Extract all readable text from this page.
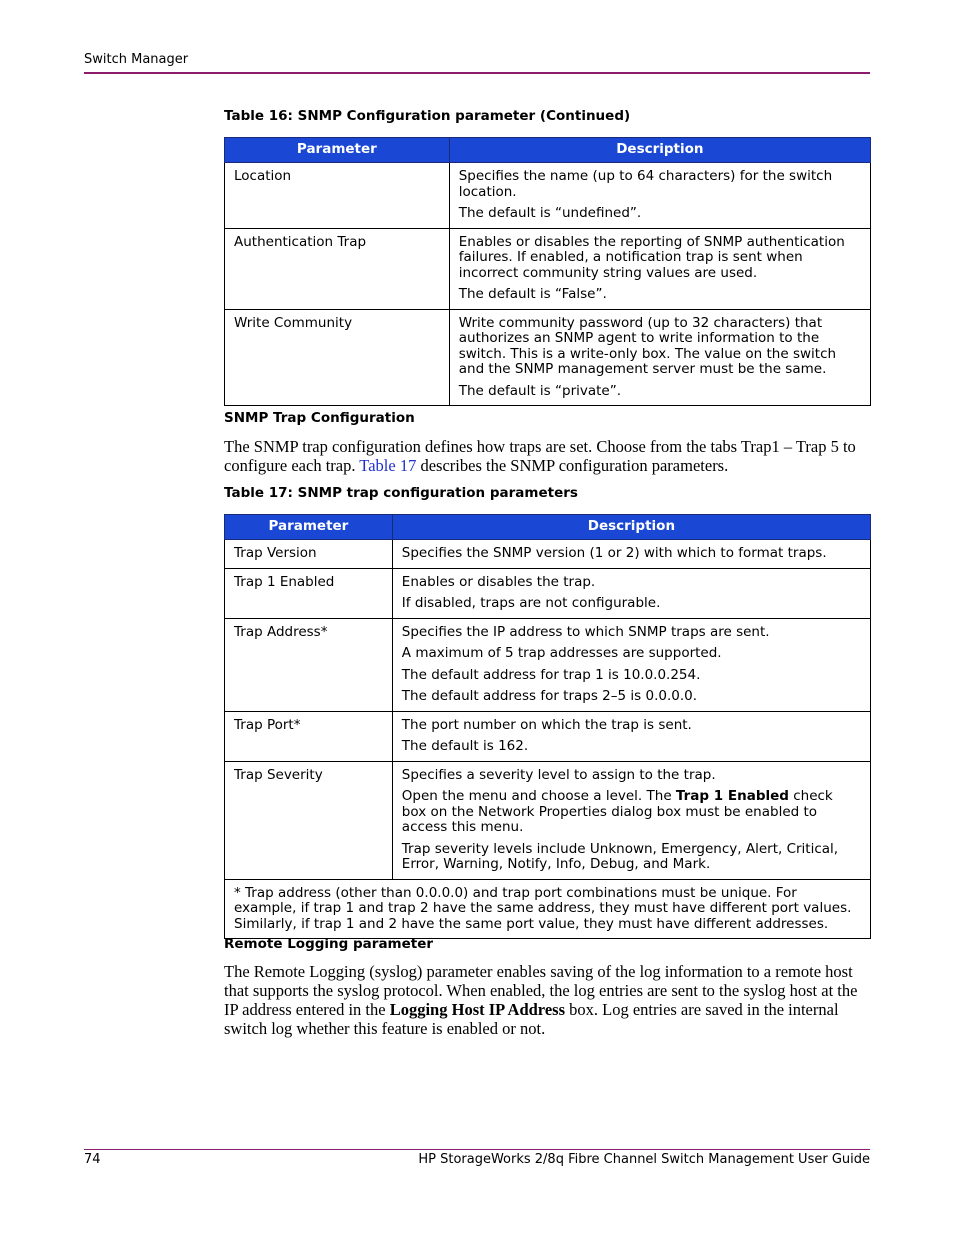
Switch Manager
Table 16: SNMP Configuration parameter (Continued)
Parameter	Description
Location	Specifies the name (up to 64 characters) for the switch location.

The default is “undefined”.

Authentication Trap	Enables or disables the reporting of SNMP authentication failures. If enabled, a notification trap is sent when incorrect community string values are used.

The default is “False”.

Write Community	Write community password (up to 32 characters) that authorizes an SNMP agent to write information to the switch. This is a write-only box. The value on the switch and the SNMP management server must be the same.

The default is “private”.

SNMP Trap Configuration
The SNMP trap configuration defines how traps are set. Choose from the tabs Trap1 – Trap 5 to configure each trap. Table 17 describes the SNMP configuration parameters.
Table 17: SNMP trap configuration parameters
Parameter	Description
Trap Version	Specifies the SNMP version (1 or 2) with which to format traps.

Trap 1 Enabled	Enables or disables the trap.

If disabled, traps are not configurable.

Trap Address*	Specifies the IP address to which SNMP traps are sent.

A maximum of 5 trap addresses are supported.

The default address for trap 1 is 10.0.0.254.

The default address for traps 2–5 is 0.0.0.0.

Trap Port*	The port number on which the trap is sent.

The default is 162.

Trap Severity	Specifies a severity level to assign to the trap.

Open the menu and choose a level. The Trap 1 Enabled check box on the Network Properties dialog box must be enabled to access this menu.

Trap severity levels include Unknown, Emergency, Alert, Critical, Error, Warning, Notify, Info, Debug, and Mark.

* Trap address (other than 0.0.0.0) and trap port combinations must be unique. For example, if trap 1 and trap 2 have the same address, they must have different port values. Similarly, if trap 1 and 2 have the same port value, they must have different addresses.	
Remote Logging parameter
The Remote Logging (syslog) parameter enables saving of the log information to a remote host that supports the syslog protocol. When enabled, the log entries are sent to the syslog host at the IP address entered in the Logging Host IP Address box. Log entries are saved in the internal switch log whether this feature is enabled or not.
74	HP StorageWorks 2/8q Fibre Channel Switch Management User Guide
